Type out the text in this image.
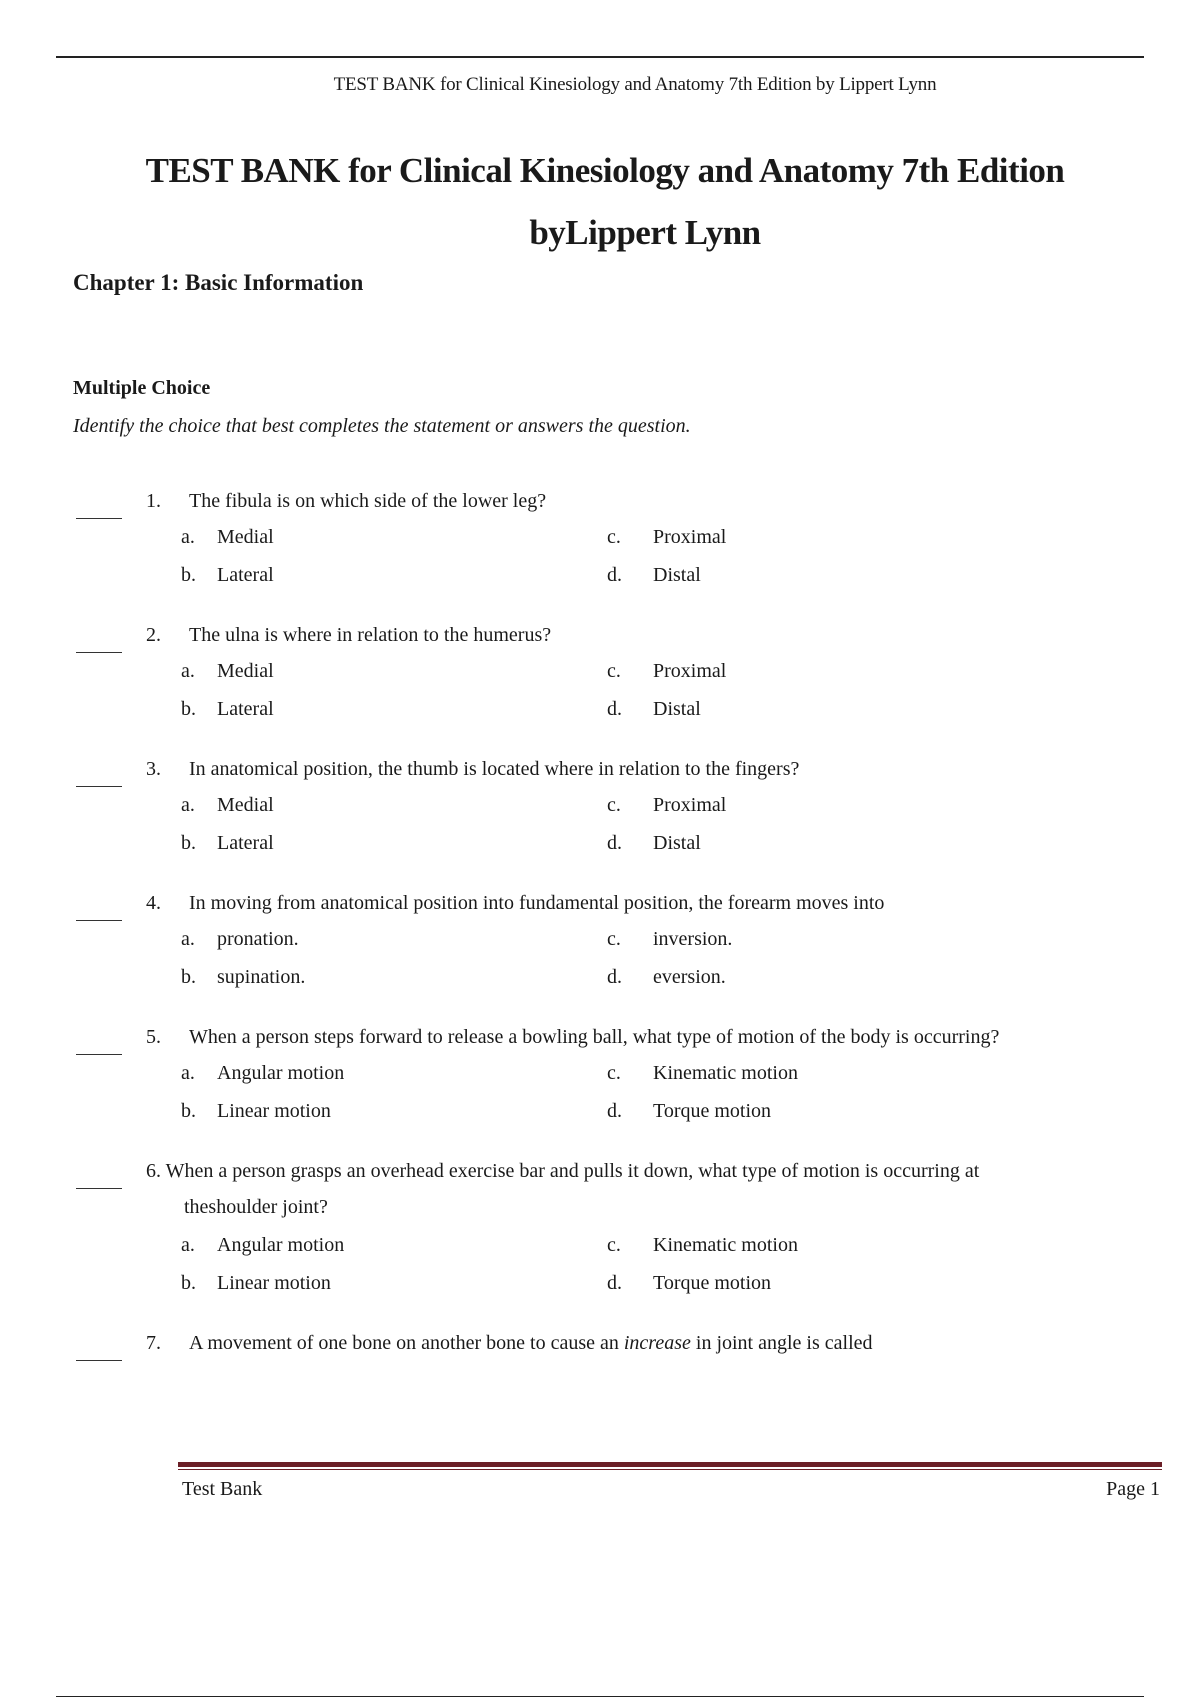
TEST BANK for Clinical Kinesiology and Anatomy 7th Edition by Lippert Lynn
TEST BANK for Clinical Kinesiology and Anatomy 7th Edition
byLippert Lynn
Chapter 1: Basic Information
Multiple Choice
Identify the choice that best completes the statement or answers the question.
1. The fibula is on which side of the lower leg?
a. Medial	c. Proximal
b. Lateral	d. Distal
2. The ulna is where in relation to the humerus?
a. Medial	c. Proximal
b. Lateral	d. Distal
3. In anatomical position, the thumb is located where in relation to the fingers?
a. Medial	c. Proximal
b. Lateral	d. Distal
4. In moving from anatomical position into fundamental position, the forearm moves into
a. pronation.	c. inversion.
b. supination.	d. eversion.
5. When a person steps forward to release a bowling ball, what type of motion of the body is occurring?
a. Angular motion	c. Kinematic motion
b. Linear motion	d. Torque motion
6. When a person grasps an overhead exercise bar and pulls it down, what type of motion is occurring at
theshoulder joint?
a. Angular motion	c. Kinematic motion
b. Linear motion	d. Torque motion
7. A movement of one bone on another bone to cause an increase in joint angle is called
Test Bank	Page 1
